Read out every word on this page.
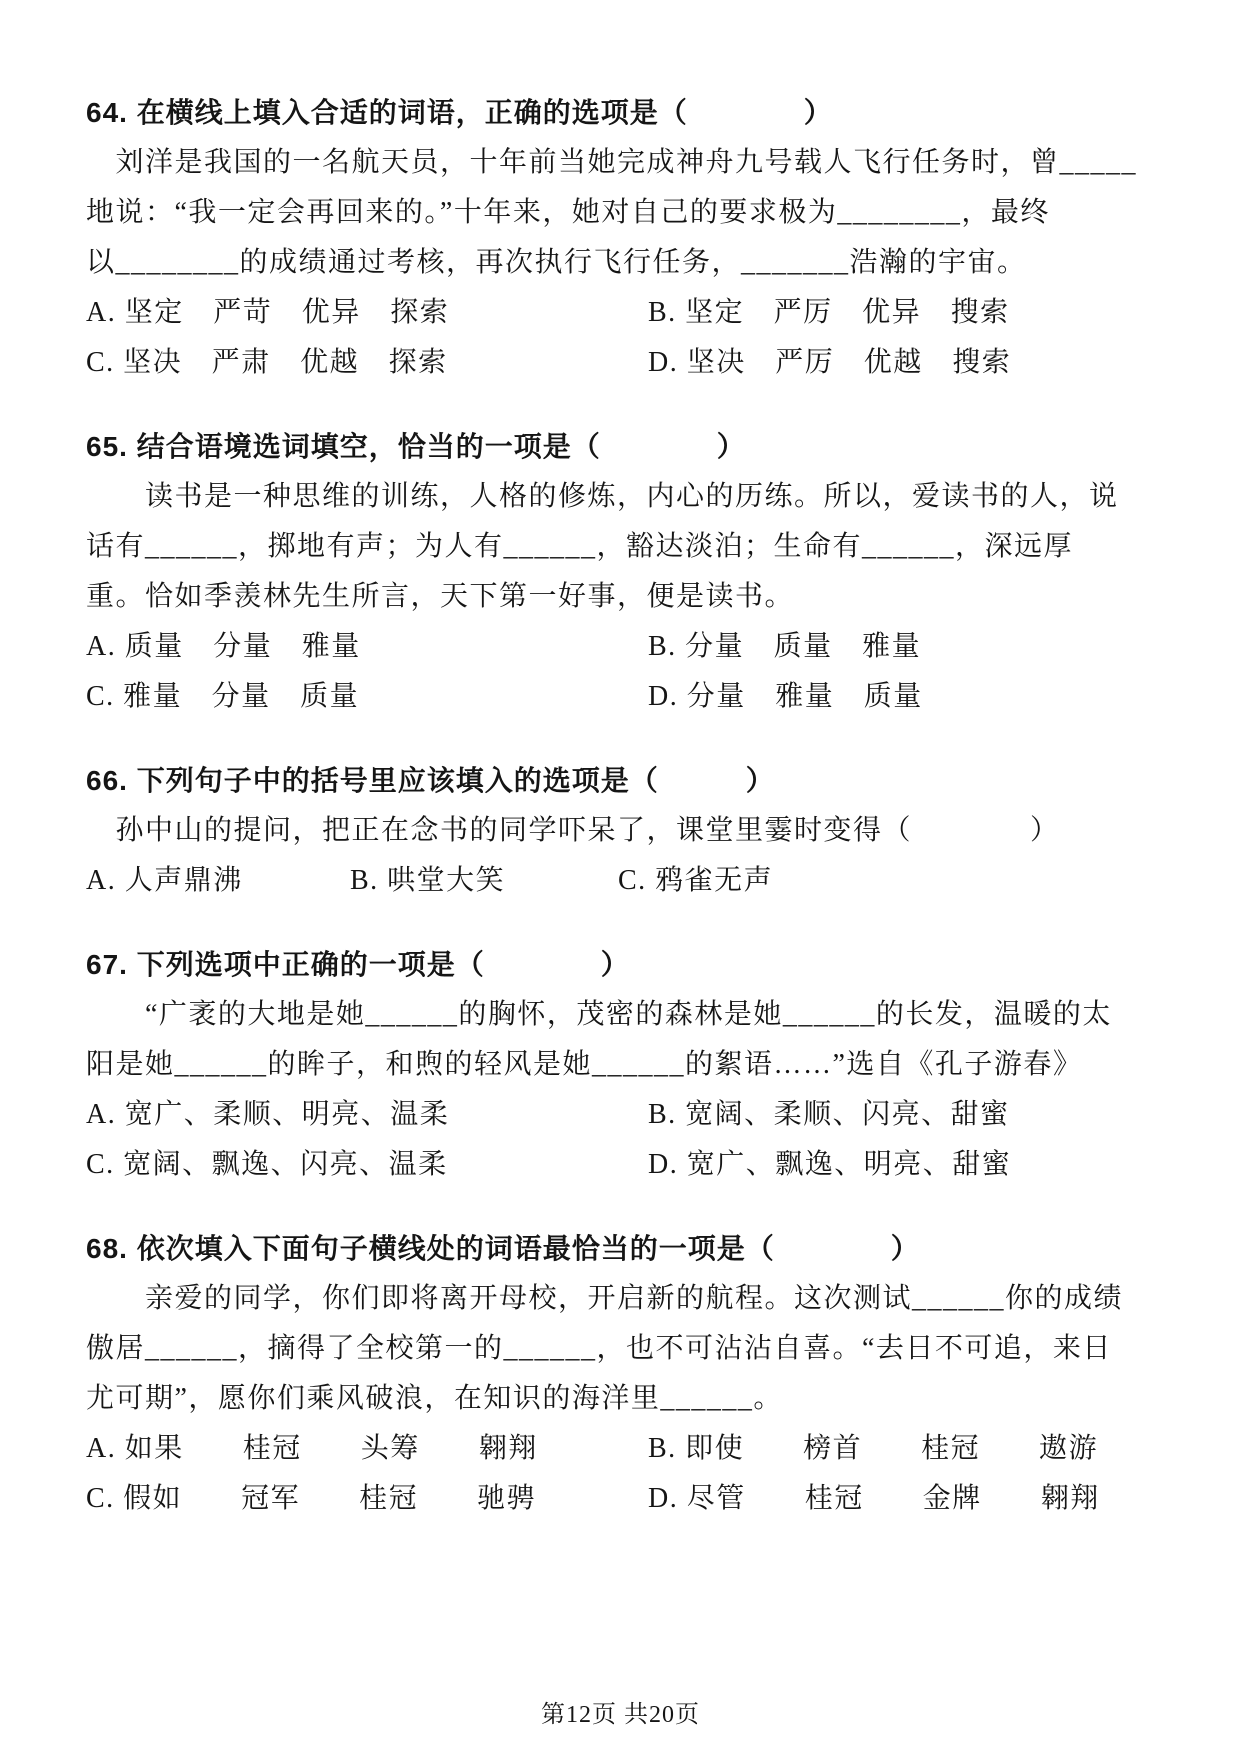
64. 在横线上填入合适的词语，正确的选项是（　　　　）
　刘洋是我国的一名航天员，十年前当她完成神舟九号载人飞行任务时，曾_____
地说：“我一定会再回来的。”十年来，她对自己的要求极为________，最终
以________的成绩通过考核，再次执行飞行任务，_______浩瀚的宇宙。
A. 坚定　严苛　优异　探索	B. 坚定　严厉　优异　搜索
C. 坚决　严肃　优越　探索	D. 坚决　严厉　优越　搜索
65. 结合语境选词填空，恰当的一项是（　　　　）
　　读书是一种思维的训练，人格的修炼，内心的历练。所以，爱读书的人，说
话有______，掷地有声；为人有______，豁达淡泊；生命有______，深远厚
重。恰如季羡林先生所言，天下第一好事，便是读书。
A. 质量　分量　雅量	B. 分量　质量　雅量
C. 雅量　分量　质量	D. 分量　雅量　质量
66. 下列句子中的括号里应该填入的选项是（　　　）
　孙中山的提问，把正在念书的同学吓呆了，课堂里霎时变得（　　　　）
A. 人声鼎沸	B. 哄堂大笑	C. 鸦雀无声
67. 下列选项中正确的一项是（　　　　）
　　“广袤的大地是她______的胸怀，茂密的森林是她______的长发，温暖的太
阳是她______的眸子，和煦的轻风是她______的絮语……”选自《孔子游春》
A. 宽广、柔顺、明亮、温柔	B. 宽阔、柔顺、闪亮、甜蜜
C. 宽阔、飘逸、闪亮、温柔	D. 宽广、飘逸、明亮、甜蜜
68. 依次填入下面句子横线处的词语最恰当的一项是（　　　　）
　　亲爱的同学，你们即将离开母校，开启新的航程。这次测试______你的成绩
傲居______，摘得了全校第一的______，也不可沾沾自喜。“去日不可追，来日
尤可期”，愿你们乘风破浪，在知识的海洋里______。
A. 如果　　桂冠　　头筹　　翱翔	B. 即使　　榜首　　桂冠　　遨游
C. 假如　　冠军　　桂冠　　驰骋	D. 尽管　　桂冠　　金牌　　翱翔
第12页 共20页
